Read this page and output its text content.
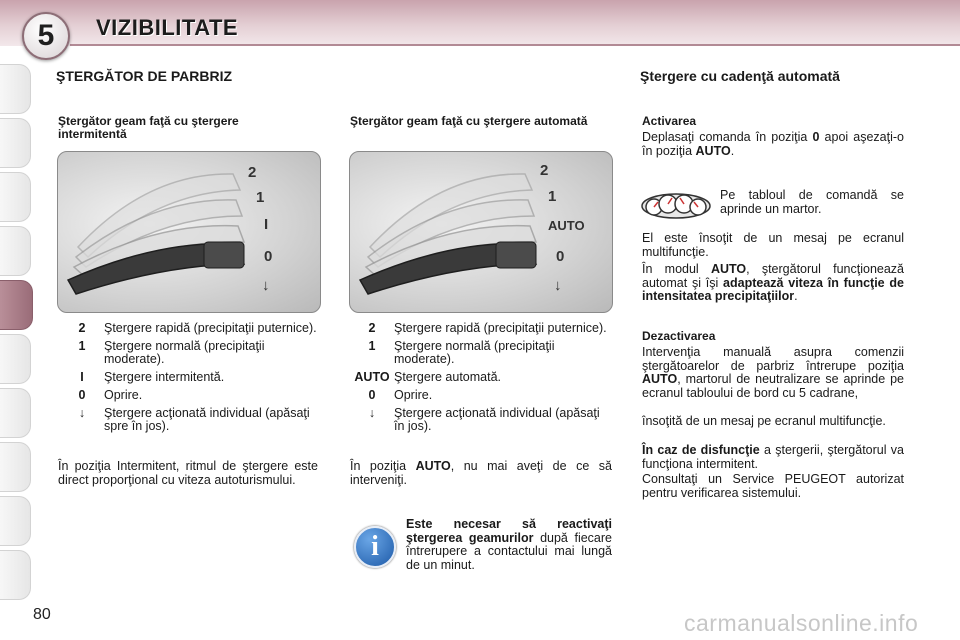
5	VIZIBILITATE
ŞTERGĂTOR DE PARBRIZ
Ştergător geam faţă cu ştergere intermitentă
2
1
I
0
↓
2	Ştergere rapidă (precipitaţii puternice).
1	Ştergere normală (precipitaţii moderate).
I	Ştergere intermitentă.
0	Oprire.
↓	Ştergere acţionată individual (apăsaţi spre în jos).
În poziţia Intermitent, ritmul de ştergere este direct proporţional cu viteza autoturismului.
Ştergător geam faţă cu ştergere automată
2
1
AUTO
0
↓
2	Ştergere rapidă (precipitaţii puternice).
1	Ştergere normală (precipitaţii moderate).
AUTO Ştergere automată.
0	Oprire.
↓	Ştergere acţionată individual (apăsaţi în jos).
În poziţia AUTO, nu mai aveţi de ce să interveniţi.
i
Este necesar să reactivaţi ştergerea geamurilor după fiecare întrerupere a contactului mai lungă de un minut.
Ştergere cu cadenţă automată
Activarea
Deplasaţi comanda în poziţia 0 apoi aşezaţi-o în poziţia AUTO.
Pe tabloul de comandă se aprinde un martor.
El este însoţit de un mesaj pe ecranul multifuncţie.
În modul AUTO, ştergătorul funcţionează automat şi îşi adaptează viteza în funcţie de intensitatea precipitaţiilor.
Dezactivarea
Intervenţia manuală asupra comenzii ştergătoarelor de parbriz întrerupe poziţia AUTO, martorul de neutralizare se aprinde pe ecranul tabloului de bord cu 5 cadrane,
însoţită de un mesaj pe ecranul multifuncţie.
În caz de disfuncţie a ştergerii, ştergătorul va funcţiona intermitent.
Consultaţi un Service PEUGEOT autorizat pentru verificarea sistemului.
80	carmanualsonline.info
